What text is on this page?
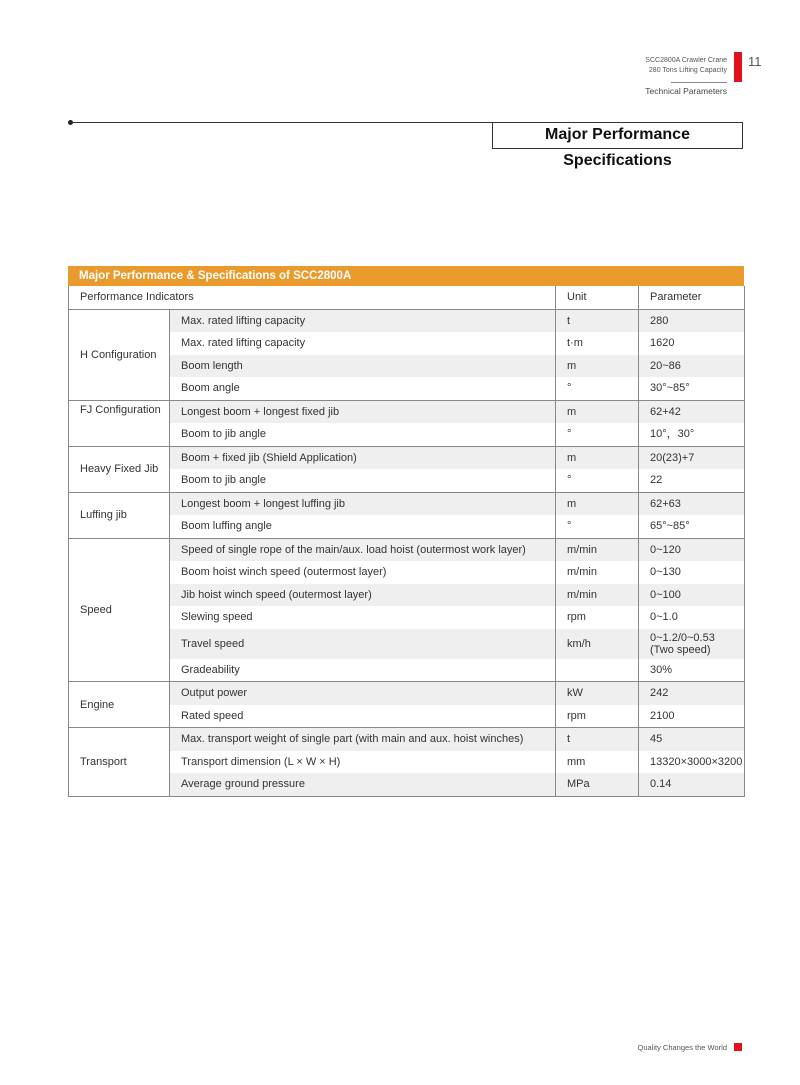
SCC2800A Crawler Crane
280 Tons Lifting Capacity
Technical Parameters
11
Major Performance Specifications
Major Performance & Specifications of SCC2800A
Performance Indicators		Unit	Parameter
H Configuration	Max. rated lifting capacity	t	280
	Max. rated lifting capacity	t·m	1620
	Boom length	m	20~86
	Boom angle	°	30°~85°
FJ Configuration	Longest boom + longest fixed jib	m	62+42
	Boom to jib angle	°	10°，30°
Heavy Fixed Jib	Boom + fixed jib (Shield Application)	m	20(23)+7
	Boom to jib angle	°	22
Luffing jib	Longest boom + longest luffing jib	m	62+63
	Boom luffing angle	°	65°~85°
Speed	Speed of single rope of the main/aux. load hoist (outermost work layer)	m/min	0~120
	Boom hoist winch speed (outermost layer)	m/min	0~130
	Jib hoist winch speed (outermost layer)	m/min	0~100
	Slewing speed	rpm	0~1.0
	Travel speed	km/h	0~1.2/0~0.53
(Two speed)

	Gradeability		30%
Engine	Output power	kW	242
	Rated speed	rpm	2100
Transport	Max. transport weight of single part (with main and aux. hoist winches)	t	45
	Transport dimension (L × W × H)	mm	13320×3000×3200
	Average ground pressure	MPa	0.14
Quality Changes the World
